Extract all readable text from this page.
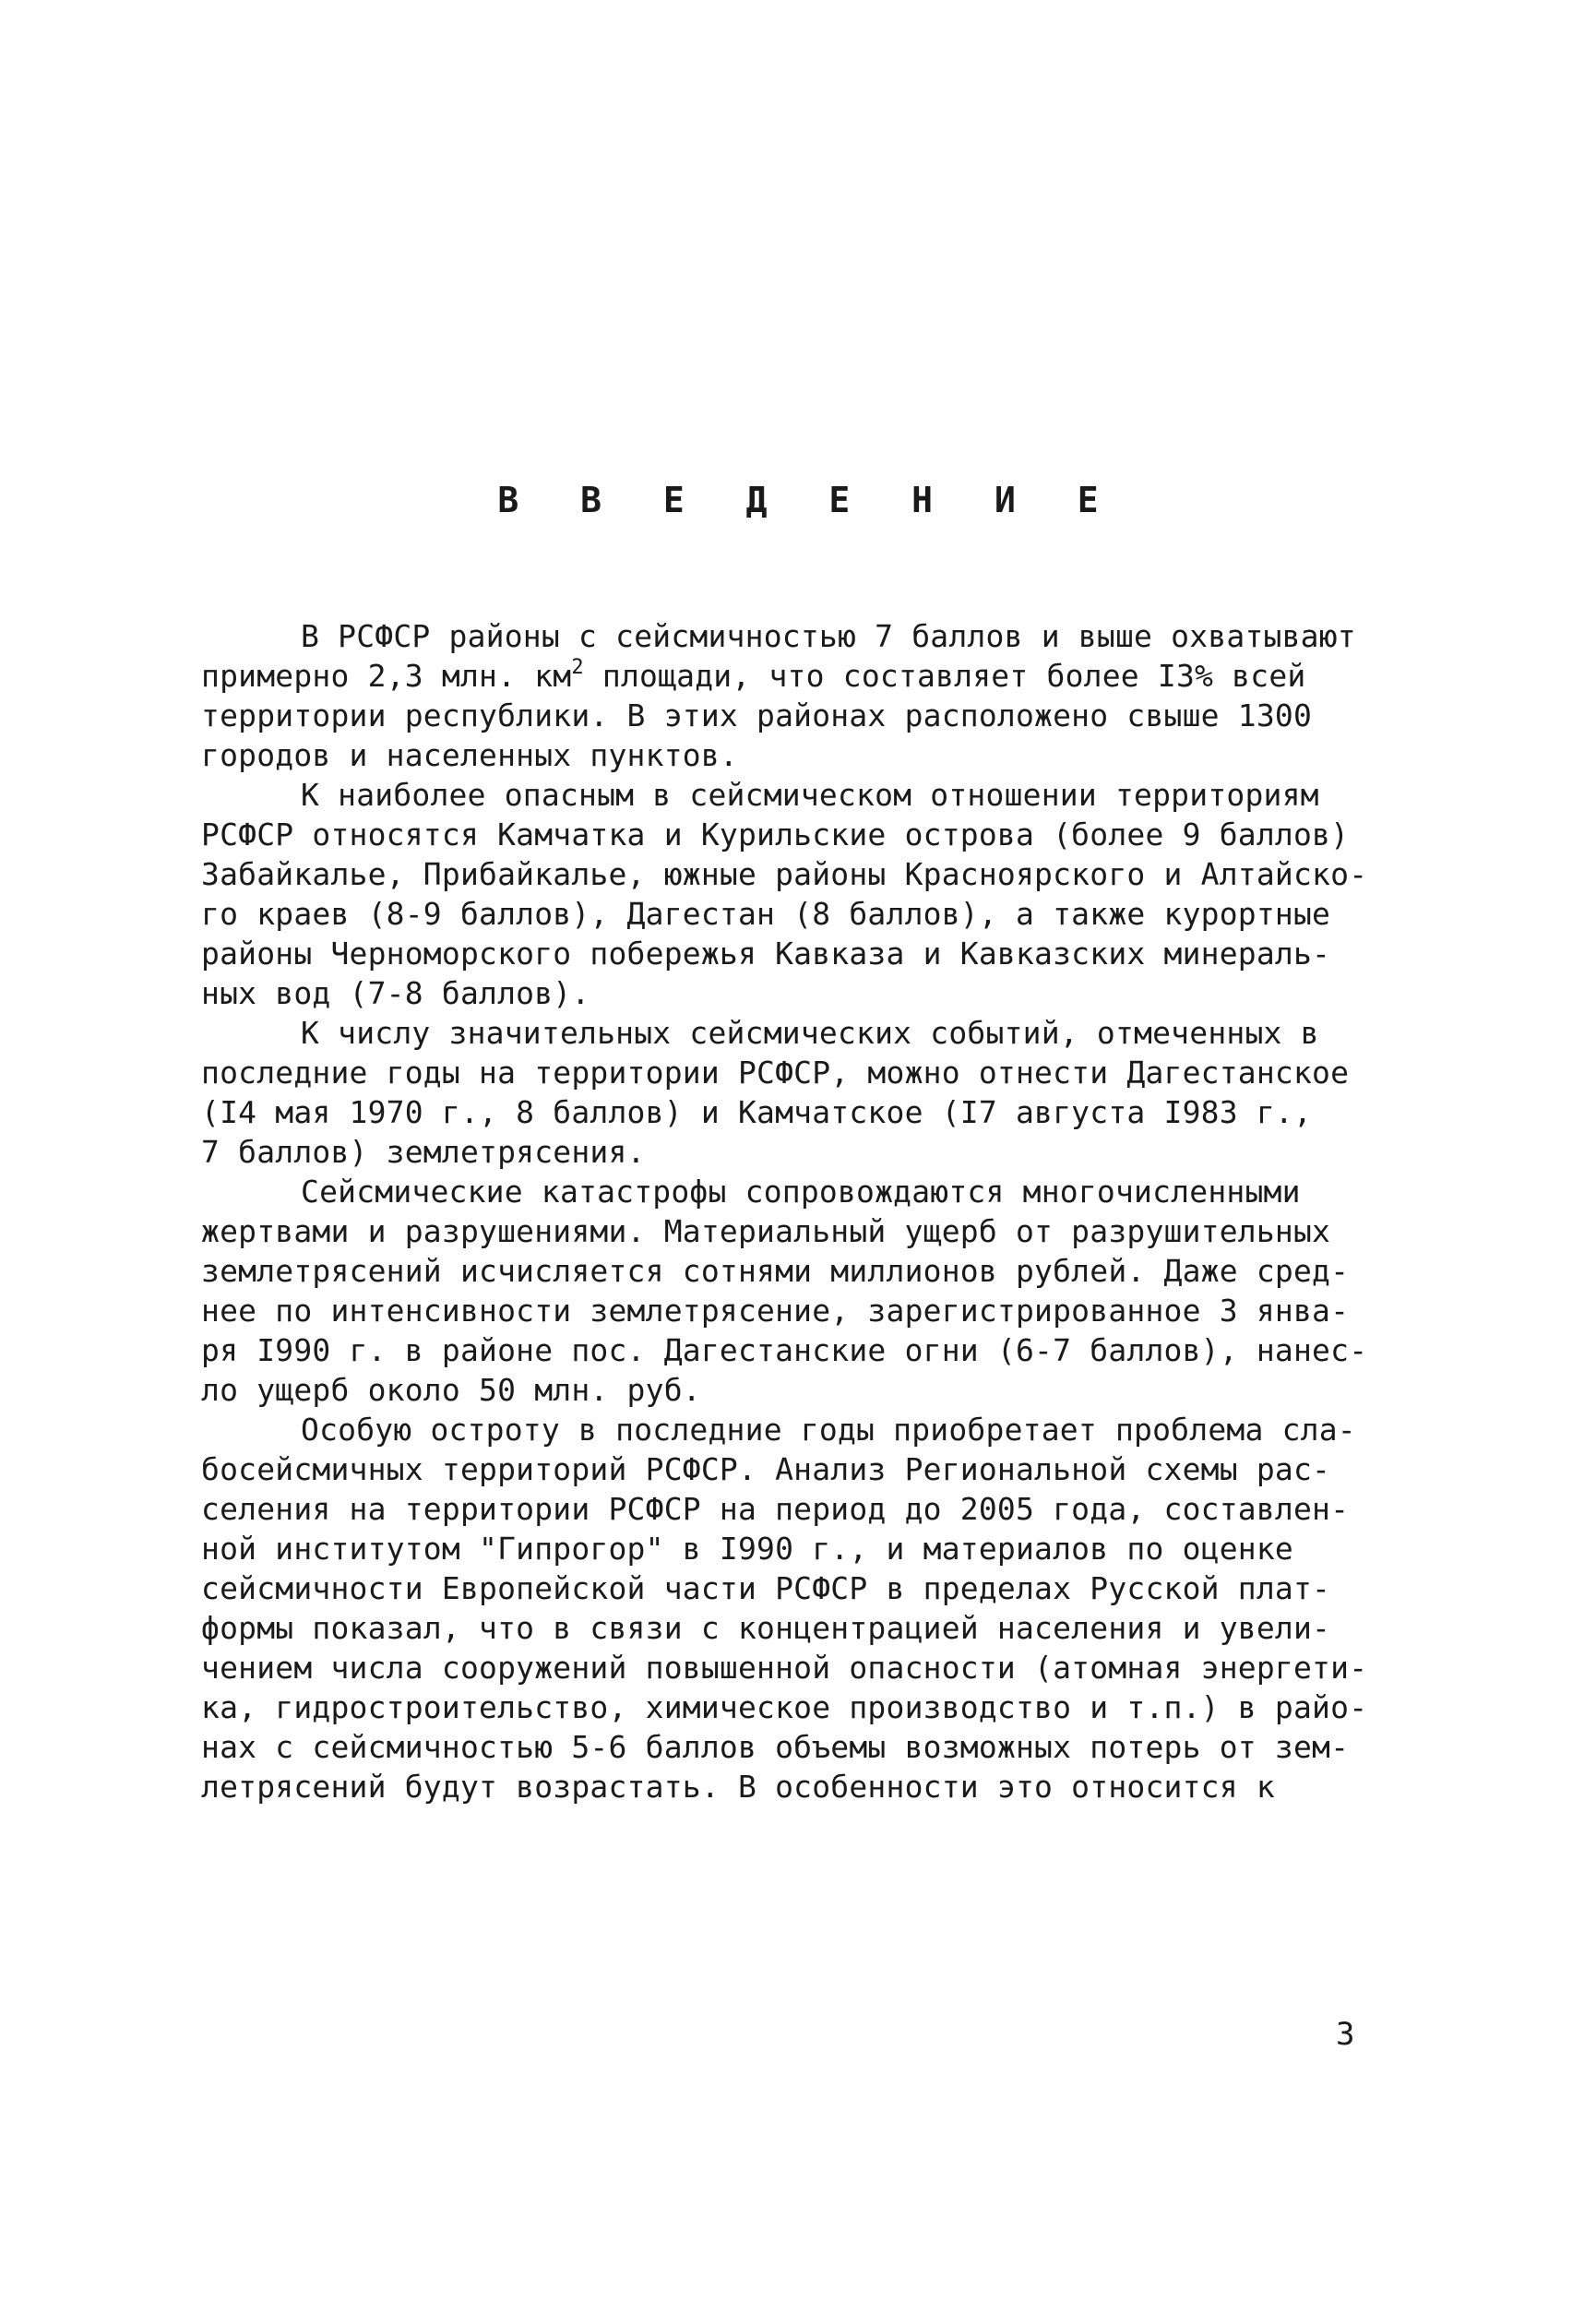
В В Е Д Е Н И Е
В РСФСР районы с сейсмичностью 7 баллов и выше охватывают
примерно 2,3 млн. $км^2$ площади, что составляет более I3% всей
территории республики. В этих районах расположено свыше 1300
городов и населенных пунктов.
К наиболее опасным в сейсмическом отношении территориям
РСФСР относятся Камчатка и Курильские острова (более 9 баллов)
Забайкалье, Прибайкалье, южные районы Красноярского и Алтайско-
го краев (8-9 баллов), Дагестан (8 баллов), а также курортные
районы Черноморского побережья Кавказа и Кавказских минераль-
ных вод (7-8 баллов).
К числу значительных сейсмических событий, отмеченных в
последние годы на территории РСФСР, можно отнести Дагестанское
(I4 мая 1970 г., 8 баллов) и Камчатское (I7 августа I983 г.,
7 баллов) землетрясения.
Сейсмические катастрофы сопровождаются многочисленными
жертвами и разрушениями. Материальный ущерб от разрушительных
землетрясений исчисляется сотнями миллионов рублей. Даже сред-
нее по интенсивности землетрясение, зарегистрированное 3 янва-
ря I990 г. в районе пос. Дагестанские огни (6-7 баллов), нанес-
ло ущерб около 50 млн. руб.
Особую остроту в последние годы приобретает проблема сла-
босейсмичных территорий РСФСР. Анализ Региональной схемы рас-
селения на территории РСФСР на период до 2005 года, составлен-
ной институтом "Гипрогор" в I990 г., и материалов по оценке
сейсмичности Европейской части РСФСР в пределах Русской плат-
формы показал, что в связи с концентрацией населения и увели-
чением числа сооружений повышенной опасности (атомная энергети-
ка, гидростроительство, химическое производство и т.п.) в райо-
нах с сейсмичностью 5-6 баллов объемы возможных потерь от зем-
летрясений будут возрастать. В особенности это относится к
3
